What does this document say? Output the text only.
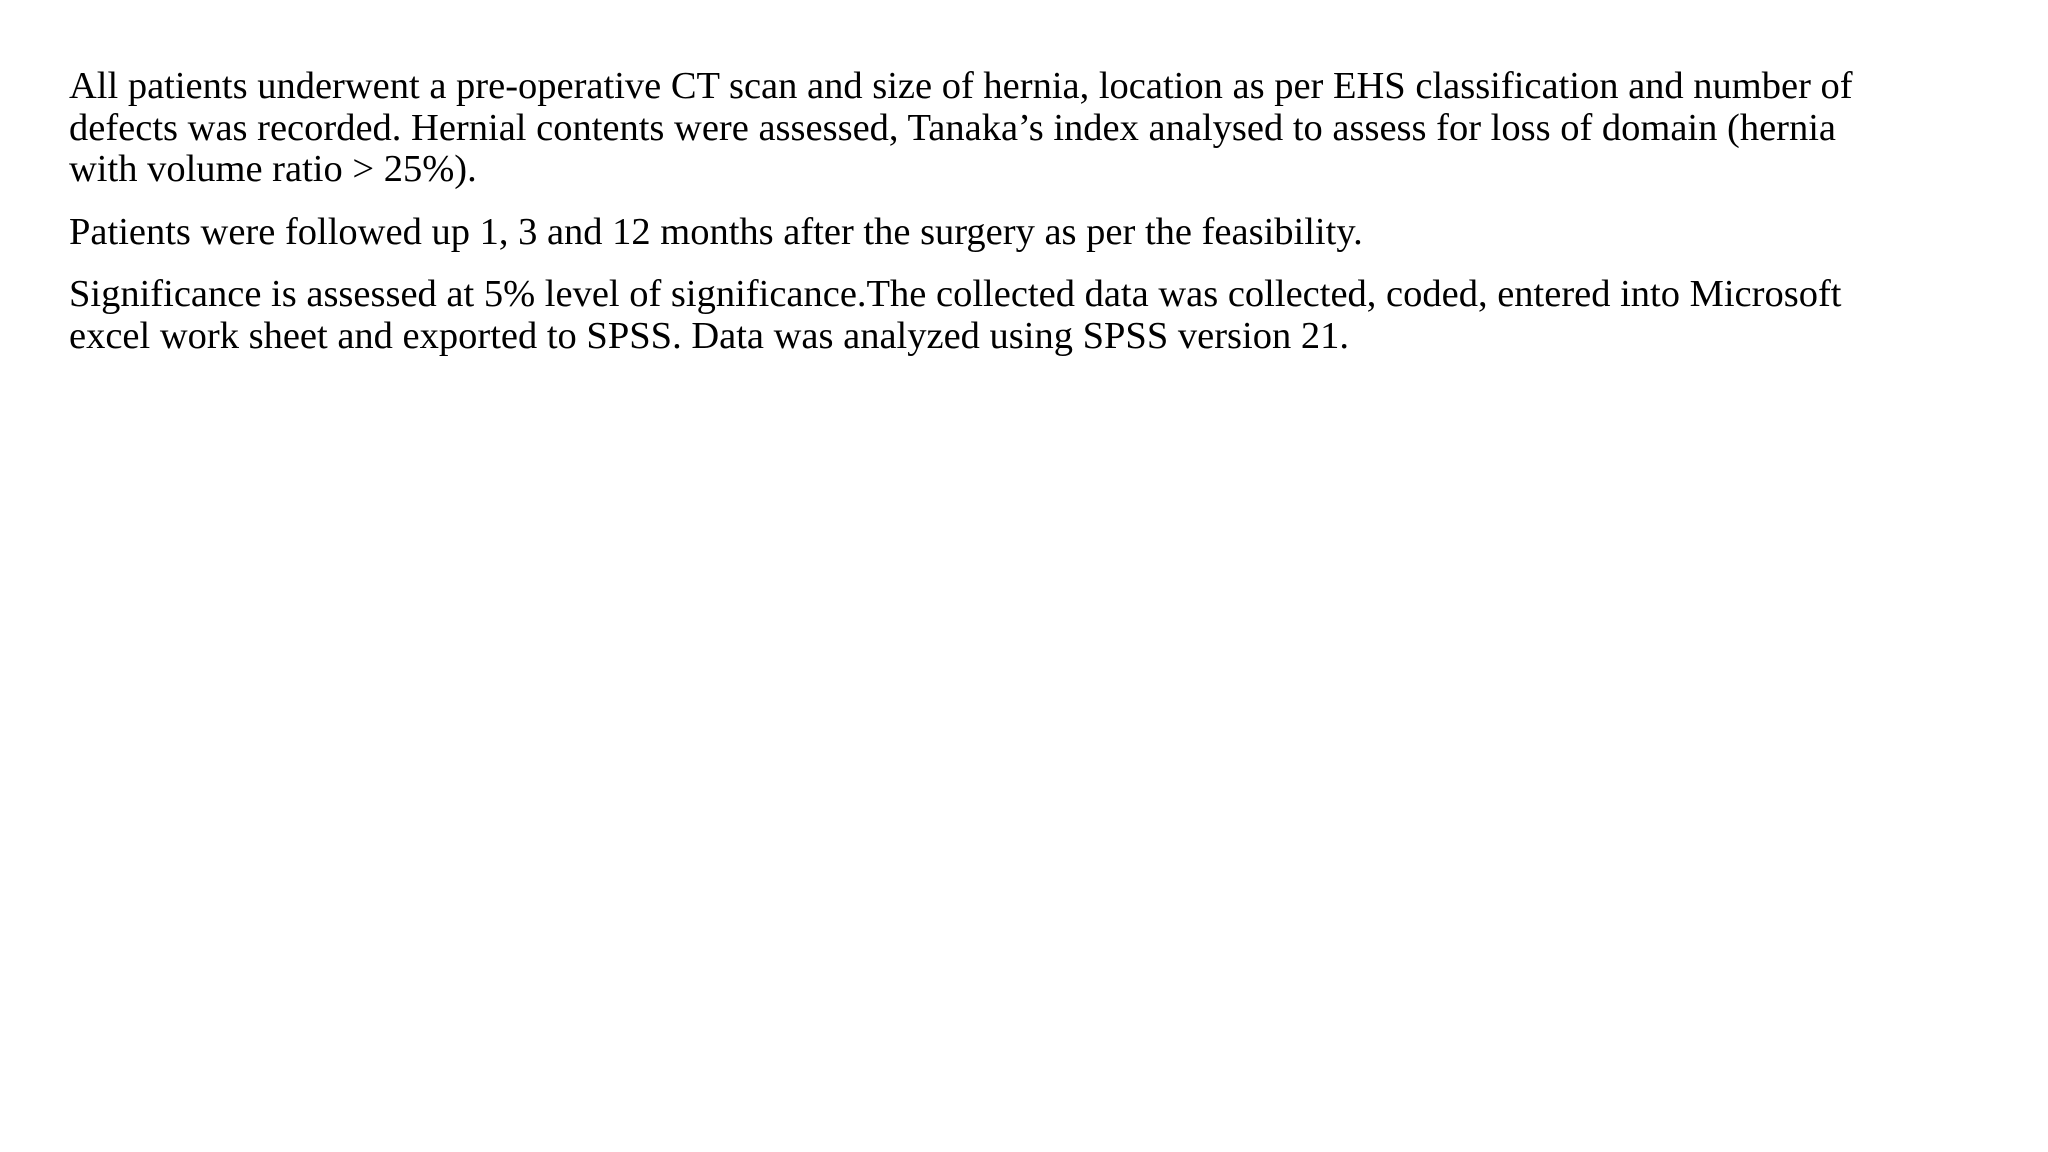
All patients underwent a pre-operative CT scan and size of hernia, location as per EHS classification and number of
defects was recorded. Hernial contents were assessed, Tanaka’s index analysed to assess for loss of domain (hernia
with volume ratio > 25%).

Patients were followed up 1, 3 and 12 months after the surgery as per the feasibility.

Significance is assessed at 5% level of significance.The collected data was collected, coded, entered into Microsoft
excel work sheet and exported to SPSS. Data was analyzed using SPSS version 21.
